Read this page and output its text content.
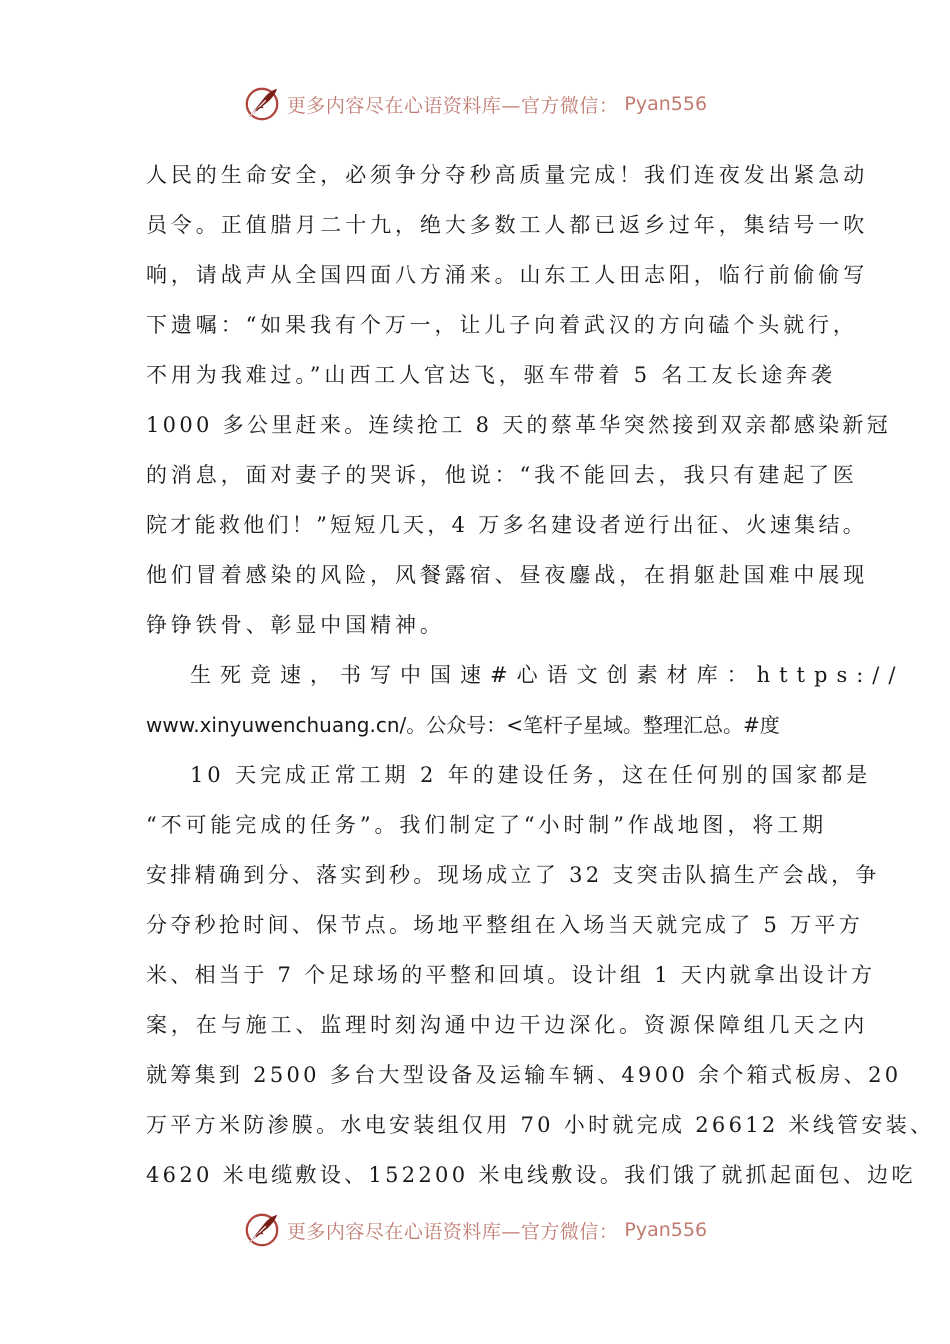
更多内容尽在心语资料库—官方微信： Pyan556
人民的生命安全，必须争分夺秒高质量完成！我们连夜发出紧急动
员令。正值腊月二十九，绝大多数工人都已返乡过年，集结号一吹
响，请战声从全国四面八方涌来。山东工人田志阳，临行前偷偷写
下遗嘱：“如果我有个万一，让儿子向着武汉的方向磕个头就行，
不用为我难过。”山西工人官达飞，驱车带着 5 名工友长途奔袭
1000 多公里赶来。连续抢工 8 天的蔡革华突然接到双亲都感染新冠
的消息，面对妻子的哭诉，他说：“我不能回去，我只有建起了医
院才能救他们！”短短几天，4 万多名建设者逆行出征、火速集结。
他们冒着感染的风险，风餐露宿、昼夜鏖战，在捐躯赴国难中展现
铮铮铁骨、彰显中国精神。
生死竞速，书写中国速#心语文创素材库：https://
www.xinyuwenchuang.cn/。公众号：<笔杆子星域。整理汇总。#度
10 天完成正常工期 2 年的建设任务，这在任何别的国家都是
“不可能完成的任务”。我们制定了“小时制”作战地图，将工期
安排精确到分、落实到秒。现场成立了 32 支突击队搞生产会战，争
分夺秒抢时间、保节点。场地平整组在入场当天就完成了 5 万平方
米、相当于 7 个足球场的平整和回填。设计组 1 天内就拿出设计方
案，在与施工、监理时刻沟通中边干边深化。资源保障组几天之内
就筹集到 2500 多台大型设备及运输车辆、4900 余个箱式板房、20
万平方米防渗膜。水电安装组仅用 70 小时就完成 26612 米线管安装、
4620 米电缆敷设、152200 米电线敷设。我们饿了就抓起面包、边吃
更多内容尽在心语资料库—官方微信： Pyan556
